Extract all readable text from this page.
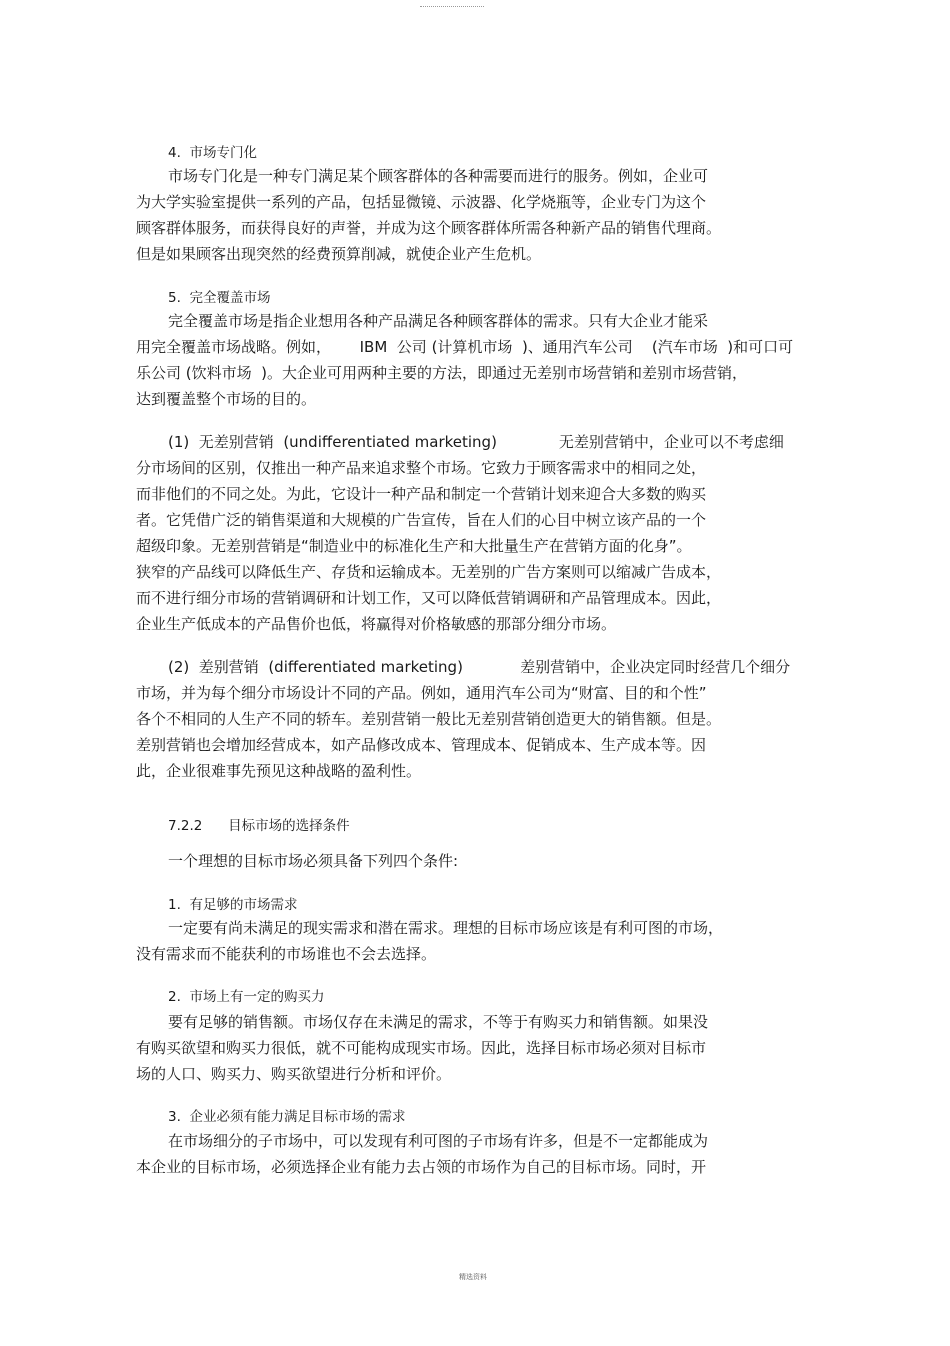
4.  市场专门化
市场专门化是一种专门满足某个顾客群体的各种需要而进行的服务。例如，企业可
为大学实验室提供一系列的产品，包括显微镜、示波器、化学烧瓶等，企业专门为这个
顾客群体服务，而获得良好的声誉，并成为这个顾客群体所需各种新产品的销售代理商。
但是如果顾客出现突然的经费预算削减，就使企业产生危机。
5.  完全覆盖市场
完全覆盖市场是指企业想用各种产品满足各种顾客群体的需求。只有大企业才能采
用完全覆盖市场战略。例如，      IBM  公司 (计算机市场  )、通用汽车公司    (汽车市场  )和可口可
乐公司 (饮料市场  )。大企业可用两种主要的方法，即通过无差别市场营销和差别市场营销，
达到覆盖整个市场的目的。
(1)  无差别营销  (undifferentiated marketing)             无差别营销中，企业可以不考虑细
分市场间的区别，仅推出一种产品来追求整个市场。它致力于顾客需求中的相同之处，
而非他们的不同之处。为此，它设计一种产品和制定一个营销计划来迎合大多数的购买
者。它凭借广泛的销售渠道和大规模的广告宣传，旨在人们的心目中树立该产品的一个
超级印象。无差别营销是“制造业中的标准化生产和大批量生产在营销方面的化身”。
狭窄的产品线可以降低生产、存货和运输成本。无差别的广告方案则可以缩减广告成本，
而不进行细分市场的营销调研和计划工作，又可以降低营销调研和产品管理成本。因此，
企业生产低成本的产品售价也低，将赢得对价格敏感的那部分细分市场。
(2)  差别营销  (differentiated marketing)            差别营销中，企业决定同时经营几个细分
市场，并为每个细分市场设计不同的产品。例如，通用汽车公司为“财富、目的和个性”
各个不相同的人生产不同的轿车。差别营销一般比无差别营销创造更大的销售额。但是。
差别营销也会增加经营成本，如产品修改成本、管理成本、促销成本、生产成本等。因
此，企业很难事先预见这种战略的盈利性。
7.2.2      目标市场的选择条件
一个理想的目标市场必须具备下列四个条件:
1.  有足够的市场需求
一定要有尚未满足的现实需求和潜在需求。理想的目标市场应该是有利可图的市场，
没有需求而不能获利的市场谁也不会去选择。
2.  市场上有一定的购买力
要有足够的销售额。市场仅存在未满足的需求，不等于有购买力和销售额。如果没
有购买欲望和购买力很低，就不可能构成现实市场。因此，选择目标市场必须对目标市
场的人口、购买力、购买欲望进行分析和评价。
3.  企业必须有能力满足目标市场的需求
在市场细分的子市场中，可以发现有利可图的子市场有许多，但是不一定都能成为
本企业的目标市场，必须选择企业有能力去占领的市场作为自己的目标市场。同时，开
精选资料
